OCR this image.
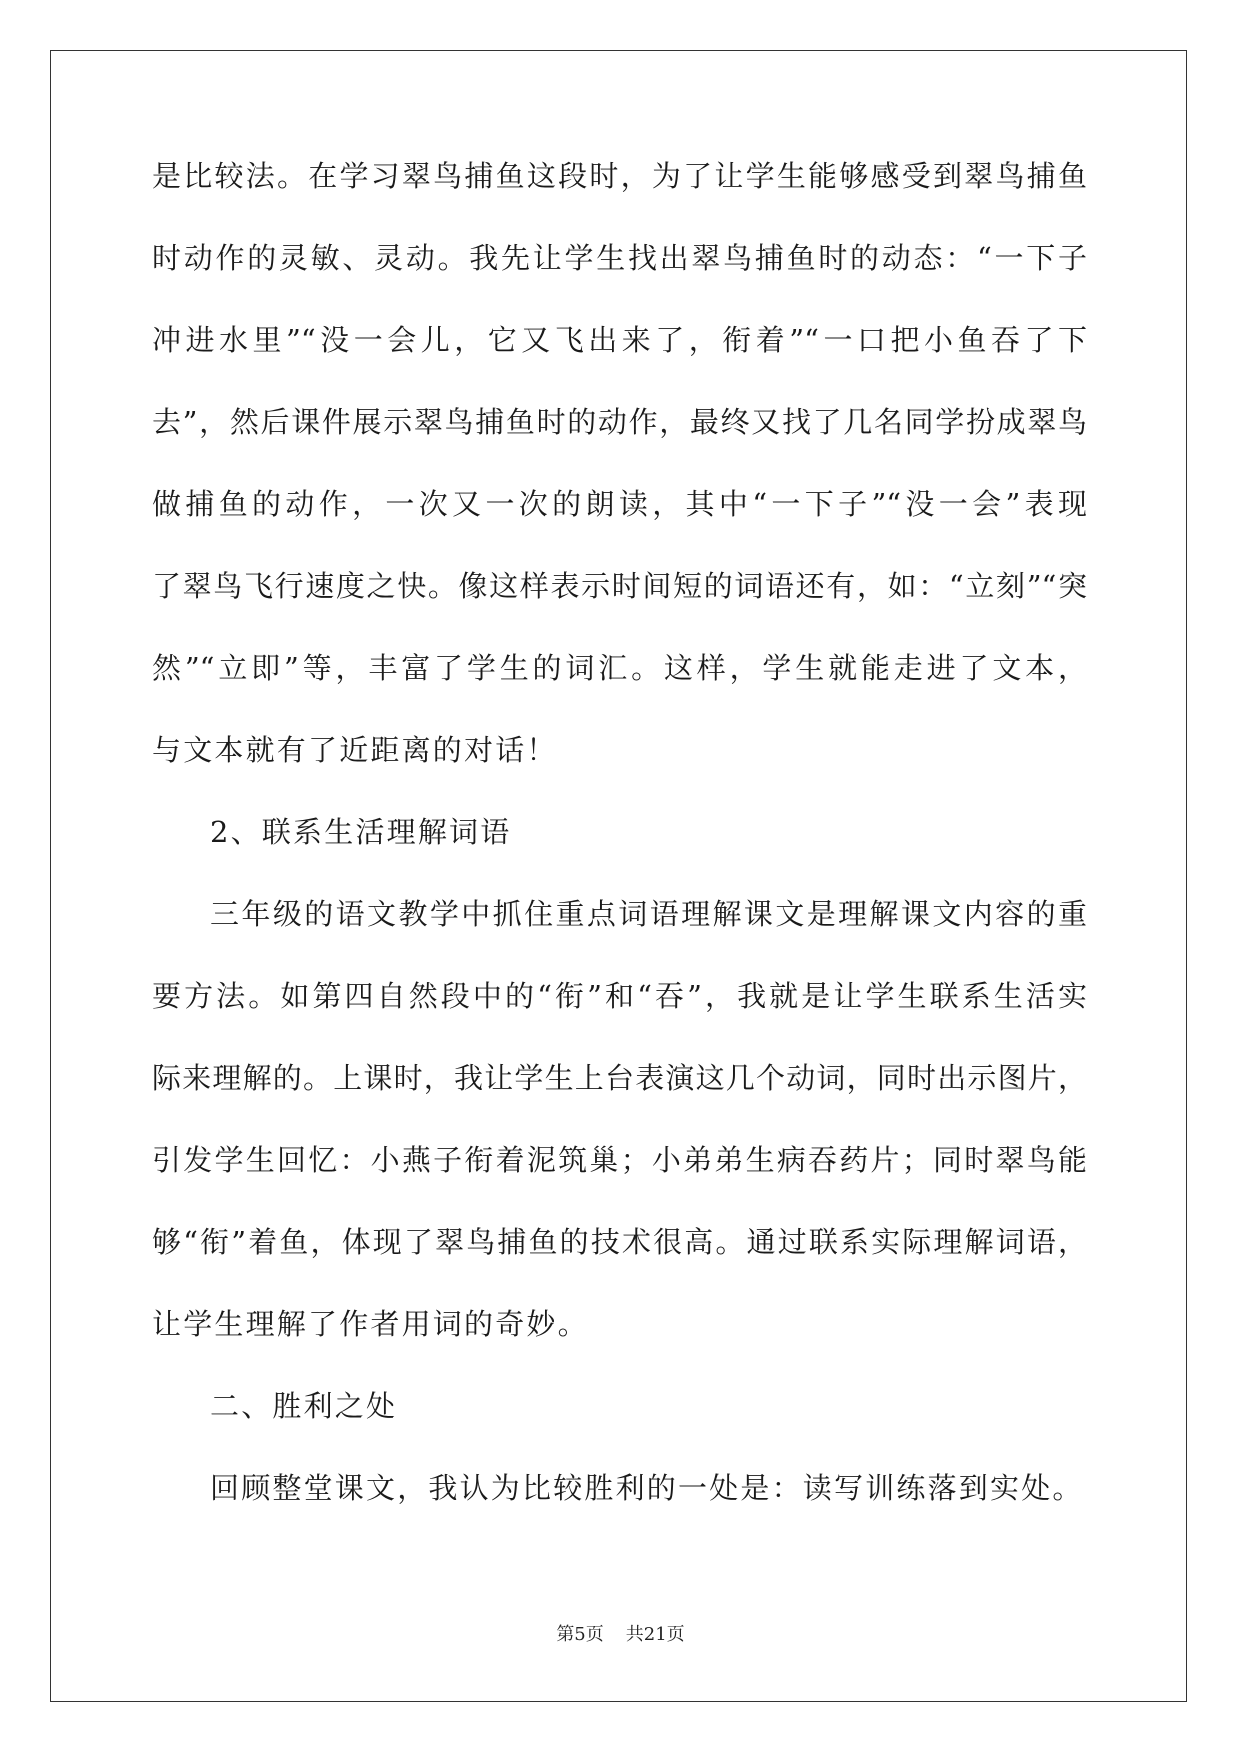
是比较法。在学习翠鸟捕鱼这段时，为了让学生能够感受到翠鸟捕鱼
时动作的灵敏、灵动。我先让学生找出翠鸟捕鱼时的动态：“一下子
冲进水里”“没一会儿，它又飞出来了，衔着”“一口把小鱼吞了下
去”，然后课件展示翠鸟捕鱼时的动作，最终又找了几名同学扮成翠鸟
做捕鱼的动作，一次又一次的朗读，其中“一下子”“没一会”表现
了翠鸟飞行速度之快。像这样表示时间短的词语还有，如：“立刻”“突
然”“立即”等，丰富了学生的词汇。这样，学生就能走进了文本，
与文本就有了近距离的对话！
2、联系生活理解词语
三年级的语文教学中抓住重点词语理解课文是理解课文内容的重
要方法。如第四自然段中的“衔”和“吞”，我就是让学生联系生活实
际来理解的。上课时，我让学生上台表演这几个动词，同时出示图片，
引发学生回忆：小燕子衔着泥筑巢；小弟弟生病吞药片；同时翠鸟能
够“衔”着鱼，体现了翠鸟捕鱼的技术很高。通过联系实际理解词语，
让学生理解了作者用词的奇妙。
二、胜利之处
回顾整堂课文，我认为比较胜利的一处是：读写训练落到实处。
第5页 共21页
